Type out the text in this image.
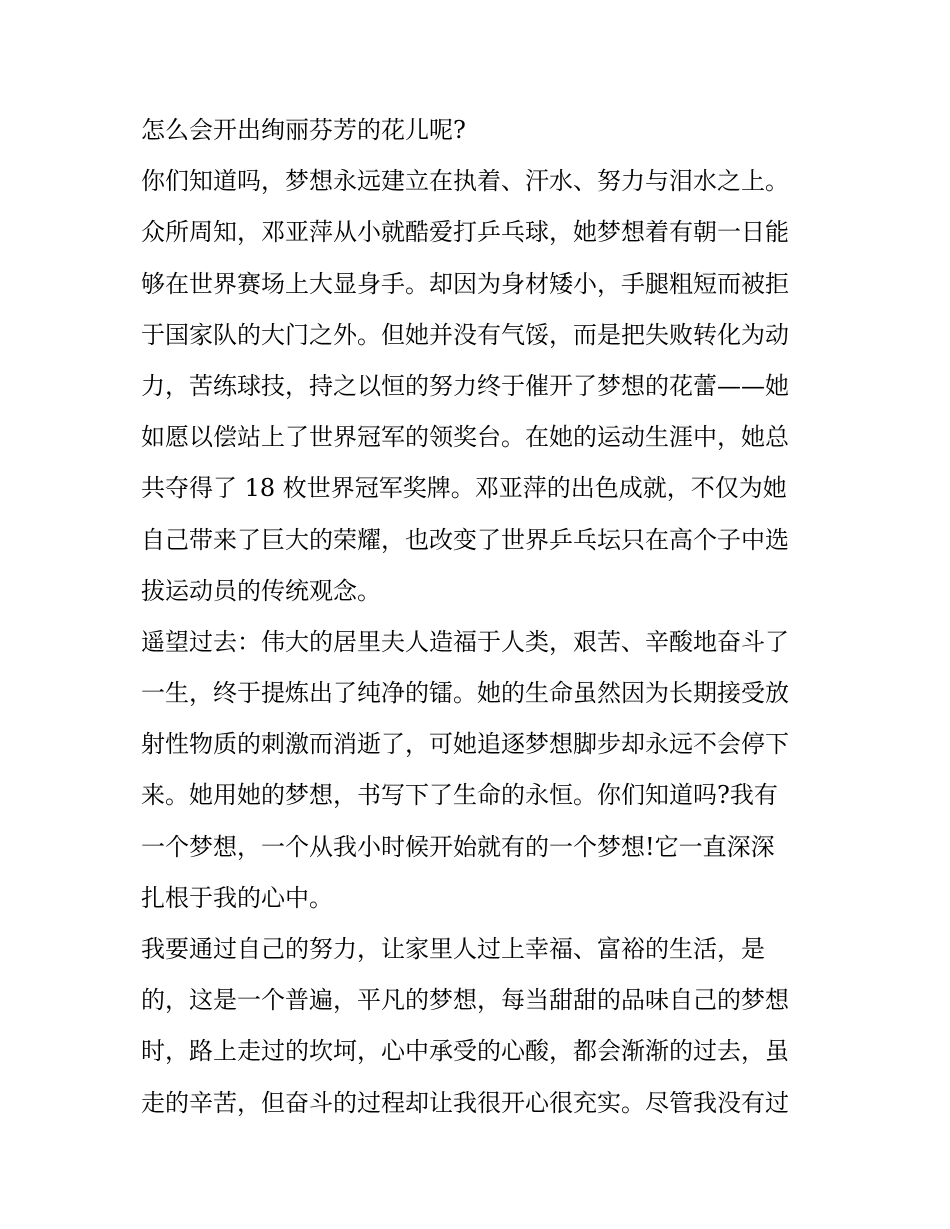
怎么会开出绚丽芬芳的花儿呢?
你们知道吗，梦想永远建立在执着、汗水、努力与泪水之上。
众所周知，邓亚萍从小就酷爱打乒乓球，她梦想着有朝一日能
够在世界赛场上大显身手。却因为身材矮小，手腿粗短而被拒
于国家队的大门之外。但她并没有气馁，而是把失败转化为动
力，苦练球技，持之以恒的努力终于催开了梦想的花蕾——她
如愿以偿站上了世界冠军的领奖台。在她的运动生涯中，她总
共夺得了 18 枚世界冠军奖牌。邓亚萍的出色成就，不仅为她
自己带来了巨大的荣耀，也改变了世界乒乓坛只在高个子中选
拔运动员的传统观念。
遥望过去：伟大的居里夫人造福于人类，艰苦、辛酸地奋斗了
一生，终于提炼出了纯净的镭。她的生命虽然因为长期接受放
射性物质的刺激而消逝了，可她追逐梦想脚步却永远不会停下
来。她用她的梦想，书写下了生命的永恒。你们知道吗?我有
一个梦想，一个从我小时候开始就有的一个梦想!它一直深深
扎根于我的心中。
我要通过自己的努力，让家里人过上幸福、富裕的生活，是
的，这是一个普遍，平凡的梦想，每当甜甜的品味自己的梦想
时，路上走过的坎坷，心中承受的心酸，都会渐渐的过去，虽
走的辛苦，但奋斗的过程却让我很开心很充实。尽管我没有过
